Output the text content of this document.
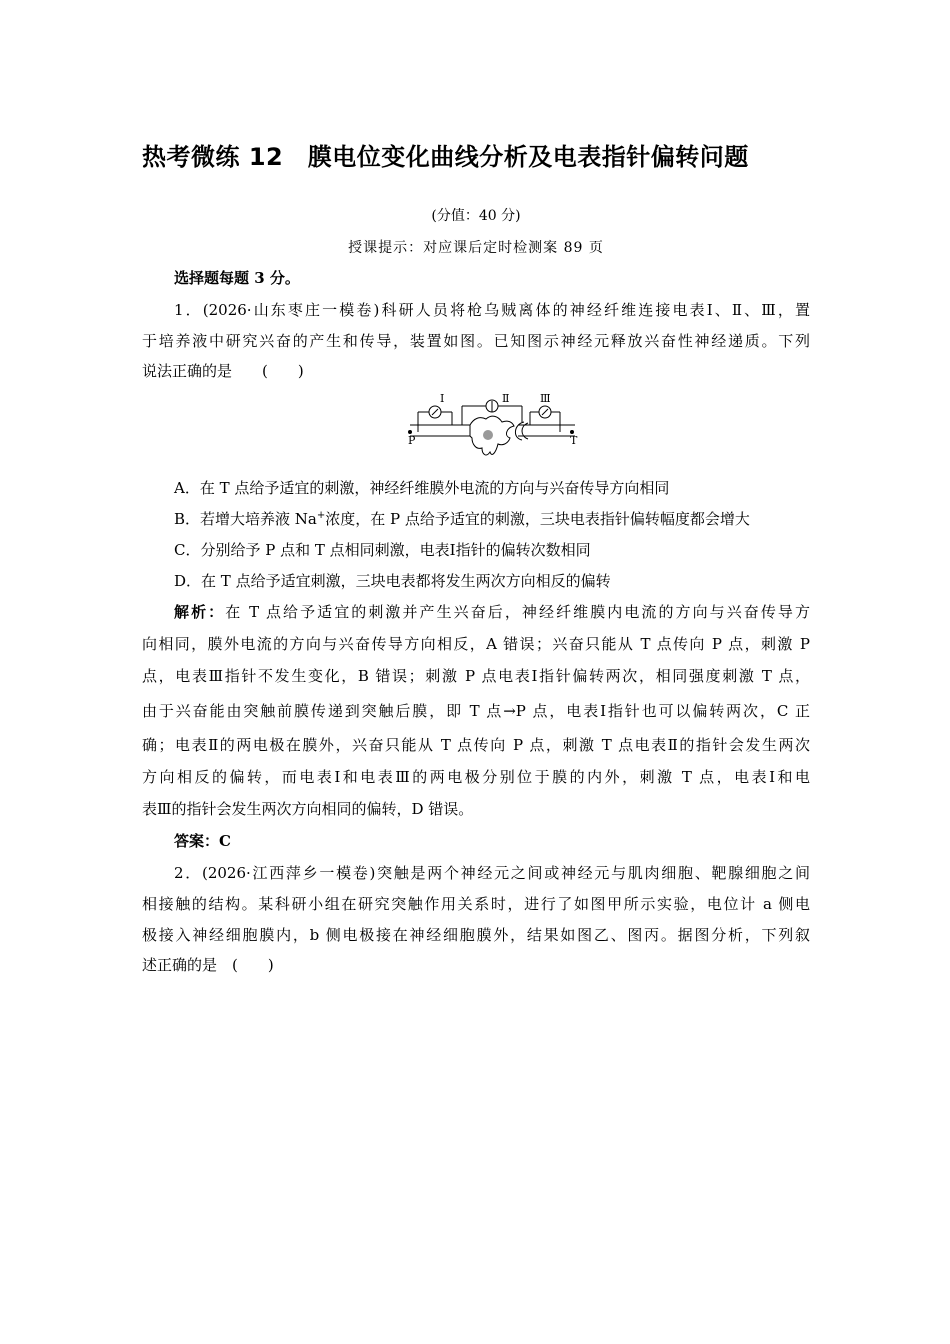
热考微练 12　膜电位变化曲线分析及电表指针偏转问题
(分值：40 分)
授课提示：对应课后定时检测案 89 页
选择题每题 3 分。
1．(2026·山东枣庄一模卷)科研人员将枪乌贼离体的神经纤维连接电表Ⅰ、Ⅱ、Ⅲ，置
于培养液中研究兴奋的产生和传导，装置如图。已知图示神经元释放兴奋性神经递质。下列
说法正确的是　　(　　)
Ⅰ	Ⅱ	Ⅲ
P	T
A．在 T 点给予适宜的刺激，神经纤维膜外电流的方向与兴奋传导方向相同
B．若增大培养液 Na+浓度，在 P 点给予适宜的刺激，三块电表指针偏转幅度都会增大
C．分别给予 P 点和 T 点相同刺激，电表Ⅰ指针的偏转次数相同
D．在 T 点给予适宜刺激，三块电表都将发生两次方向相反的偏转
解析：在 T 点给予适宜的刺激并产生兴奋后，神经纤维膜内电流的方向与兴奋传导方
向相同，膜外电流的方向与兴奋传导方向相反，A 错误；兴奋只能从 T 点传向 P 点，刺激 P
点，电表Ⅲ指针不发生变化，B 错误；刺激 P 点电表Ⅰ指针偏转两次，相同强度刺激 T 点，
由于兴奋能由突触前膜传递到突触后膜，即 T 点→P 点，电表Ⅰ指针也可以偏转两次，C 正
确；电表Ⅱ的两电极在膜外，兴奋只能从 T 点传向 P 点，刺激 T 点电表Ⅱ的指针会发生两次
方向相反的偏转，而电表Ⅰ和电表Ⅲ的两电极分别位于膜的内外，刺激 T 点，电表Ⅰ和电
表Ⅲ的指针会发生两次方向相同的偏转，D 错误。
答案：C
2．(2026·江西萍乡一模卷)突触是两个神经元之间或神经元与肌肉细胞、靶腺细胞之间
相接触的结构。某科研小组在研究突触作用关系时，进行了如图甲所示实验，电位计 a 侧电
极接入神经细胞膜内，b 侧电极接在神经细胞膜外，结果如图乙、图丙。据图分析，下列叙
述正确的是　(　　)
